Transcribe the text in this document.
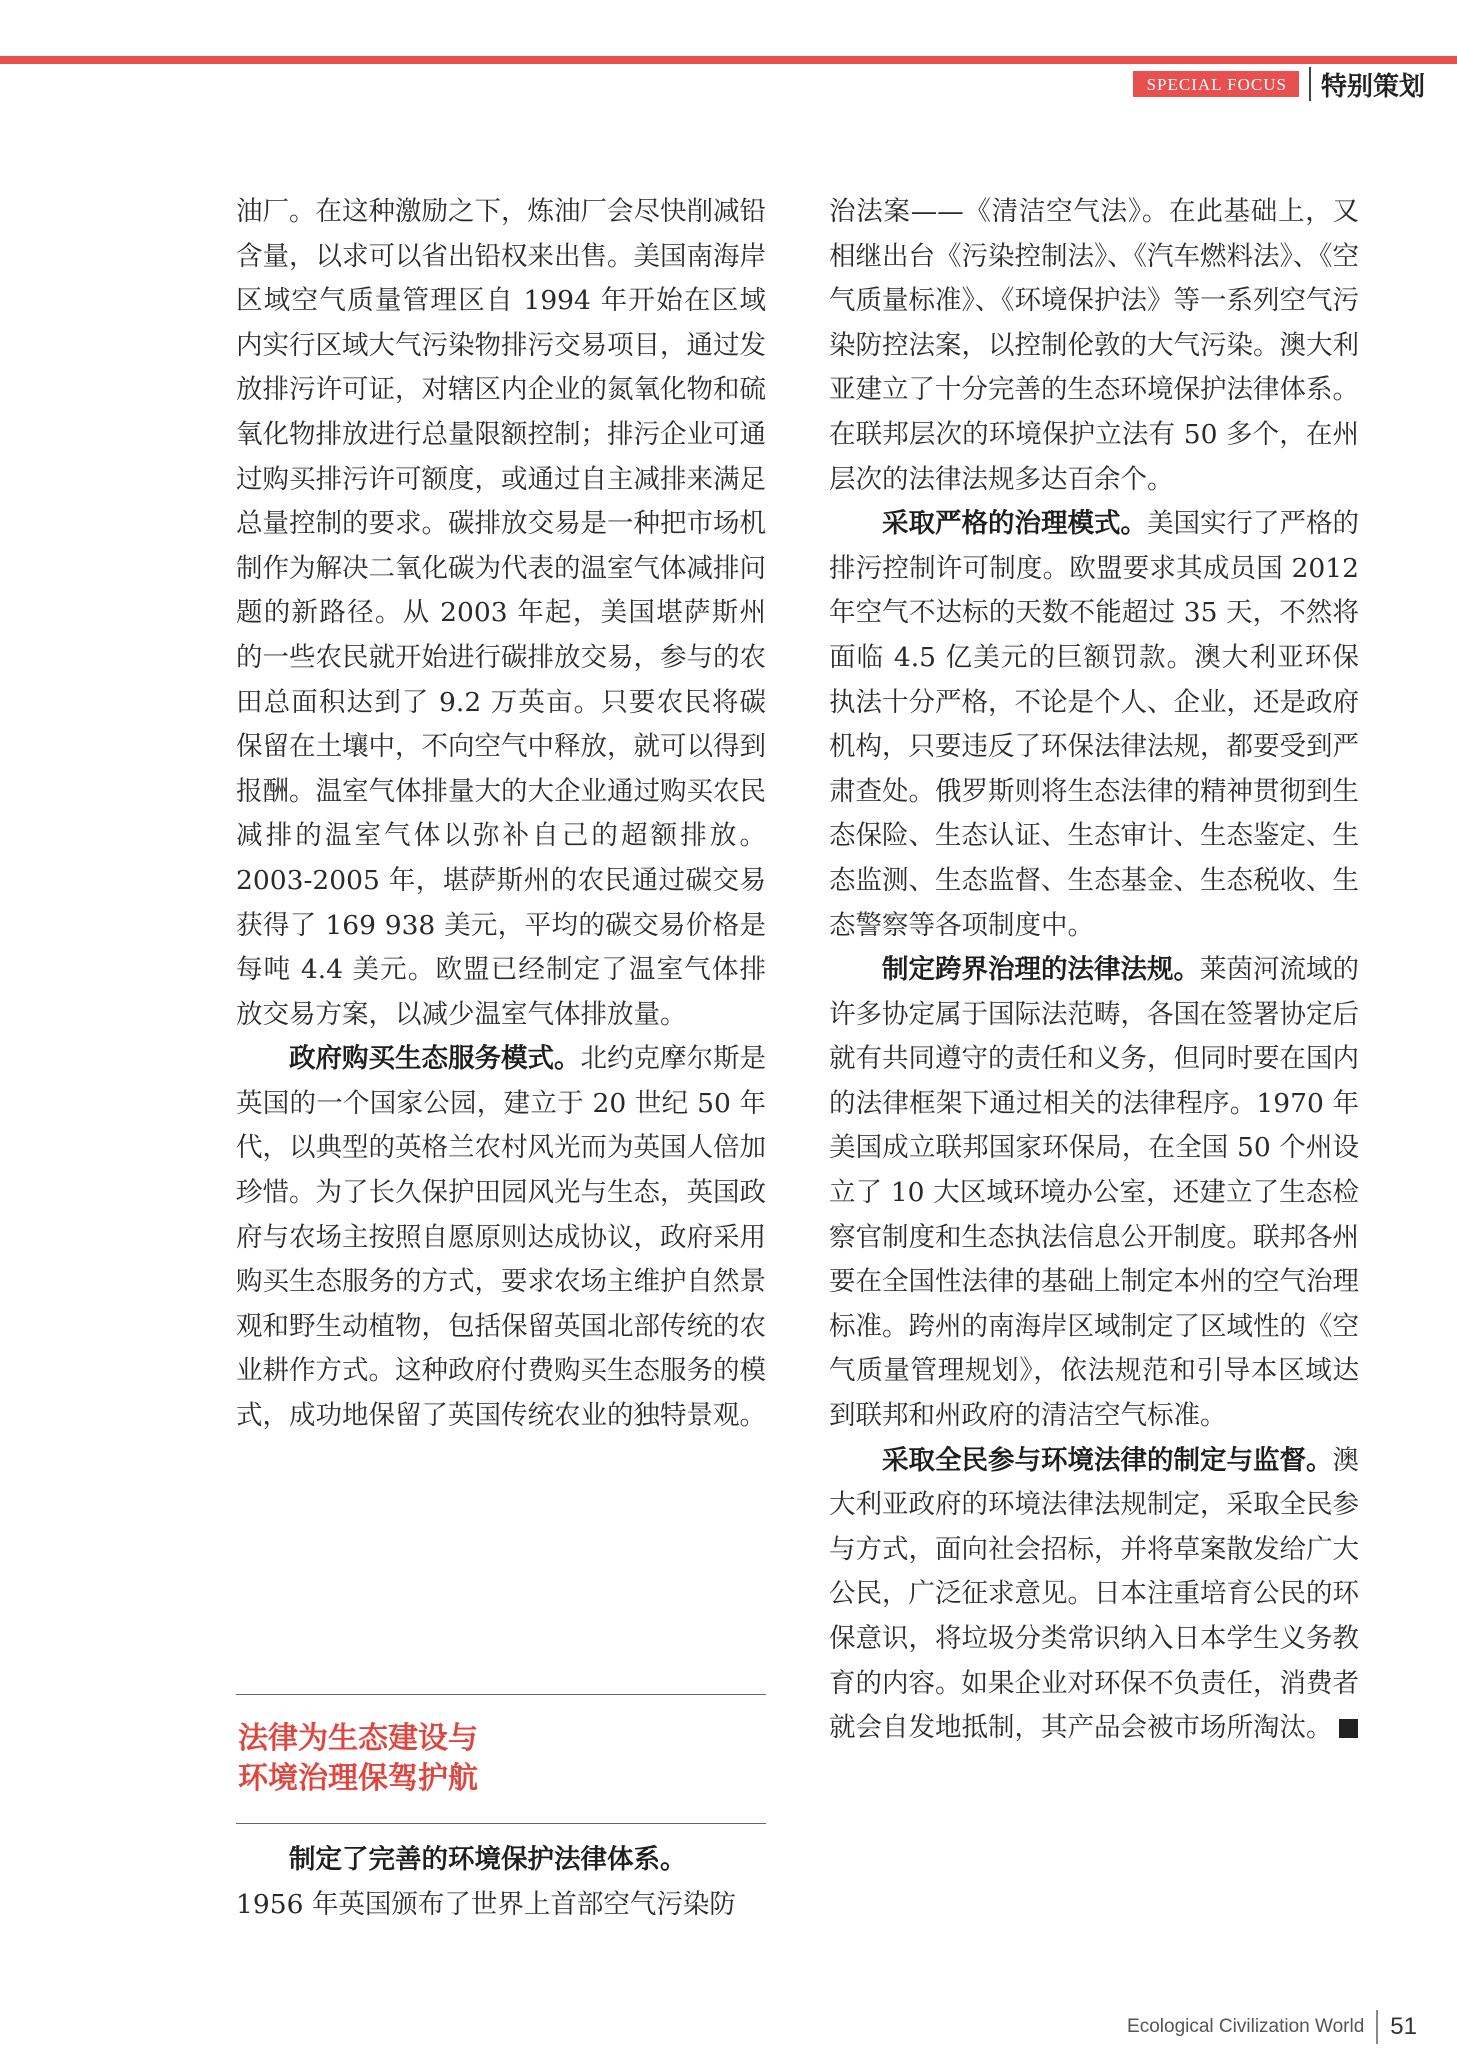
SPECIAL FOCUS	特别策划

油厂。在这种激励之下，炼油厂会尽快削减铅含量，以求可以省出铅权来出售。美国南海岸区域空气质量管理区自 1994 年开始在区域内实行区域大气污染物排污交易项目，通过发放排污许可证，对辖区内企业的氮氧化物和硫氧化物排放进行总量限额控制；排污企业可通过购买排污许可额度，或通过自主减排来满足总量控制的要求。碳排放交易是一种把市场机制作为解决二氧化碳为代表的温室气体减排问题的新路径。从 2003 年起，美国堪萨斯州的一些农民就开始进行碳排放交易，参与的农田总面积达到了 9.2 万英亩。只要农民将碳保留在土壤中，不向空气中释放，就可以得到报酬。温室气体排量大的大企业通过购买农民减排的温室气体以弥补自己的超额排放。2003-2005 年，堪萨斯州的农民通过碳交易获得了 169 938 美元，平均的碳交易价格是每吨 4.4 美元。欧盟已经制定了温室气体排放交易方案，以减少温室气体排放量。

政府购买生态服务模式。北约克摩尔斯是英国的一个国家公园，建立于 20 世纪 50 年代，以典型的英格兰农村风光而为英国人倍加珍惜。为了长久保护田园风光与生态，英国政府与农场主按照自愿原则达成协议，政府采用购买生态服务的方式，要求农场主维护自然景观和野生动植物，包括保留英国北部传统的农业耕作方式。这种政府付费购买生态服务的模式，成功地保留了英国传统农业的独特景观。

法律为生态建设与
环境治理保驾护航

制定了完善的环境保护法律体系。

1956 年英国颁布了世界上首部空气污染防

治法案——《清洁空气法》。在此基础上，又相继出台《污染控制法》、《汽车燃料法》、《空气质量标准》、《环境保护法》等一系列空气污染防控法案，以控制伦敦的大气污染。澳大利亚建立了十分完善的生态环境保护法律体系。在联邦层次的环境保护立法有 50 多个，在州层次的法律法规多达百余个。

采取严格的治理模式。美国实行了严格的排污控制许可制度。欧盟要求其成员国 2012 年空气不达标的天数不能超过 35 天，不然将面临 4.5 亿美元的巨额罚款。澳大利亚环保执法十分严格，不论是个人、企业，还是政府机构，只要违反了环保法律法规，都要受到严肃查处。俄罗斯则将生态法律的精神贯彻到生态保险、生态认证、生态审计、生态鉴定、生态监测、生态监督、生态基金、生态税收、生态警察等各项制度中。

制定跨界治理的法律法规。莱茵河流域的许多协定属于国际法范畴，各国在签署协定后就有共同遵守的责任和义务，但同时要在国内的法律框架下通过相关的法律程序。1970 年美国成立联邦国家环保局，在全国 50 个州设立了 10 大区域环境办公室，还建立了生态检察官制度和生态执法信息公开制度。联邦各州要在全国性法律的基础上制定本州的空气治理标准。跨州的南海岸区域制定了区域性的《空气质量管理规划》，依法规范和引导本区域达到联邦和州政府的清洁空气标准。

采取全民参与环境法律的制定与监督。澳大利亚政府的环境法律法规制定，采取全民参与方式，面向社会招标，并将草案散发给广大公民，广泛征求意见。日本注重培育公民的环保意识，将垃圾分类常识纳入日本学生义务教育的内容。如果企业对环保不负责任，消费者就会自发地抵制，其产品会被市场所淘汰。

Ecological Civilization World 51
